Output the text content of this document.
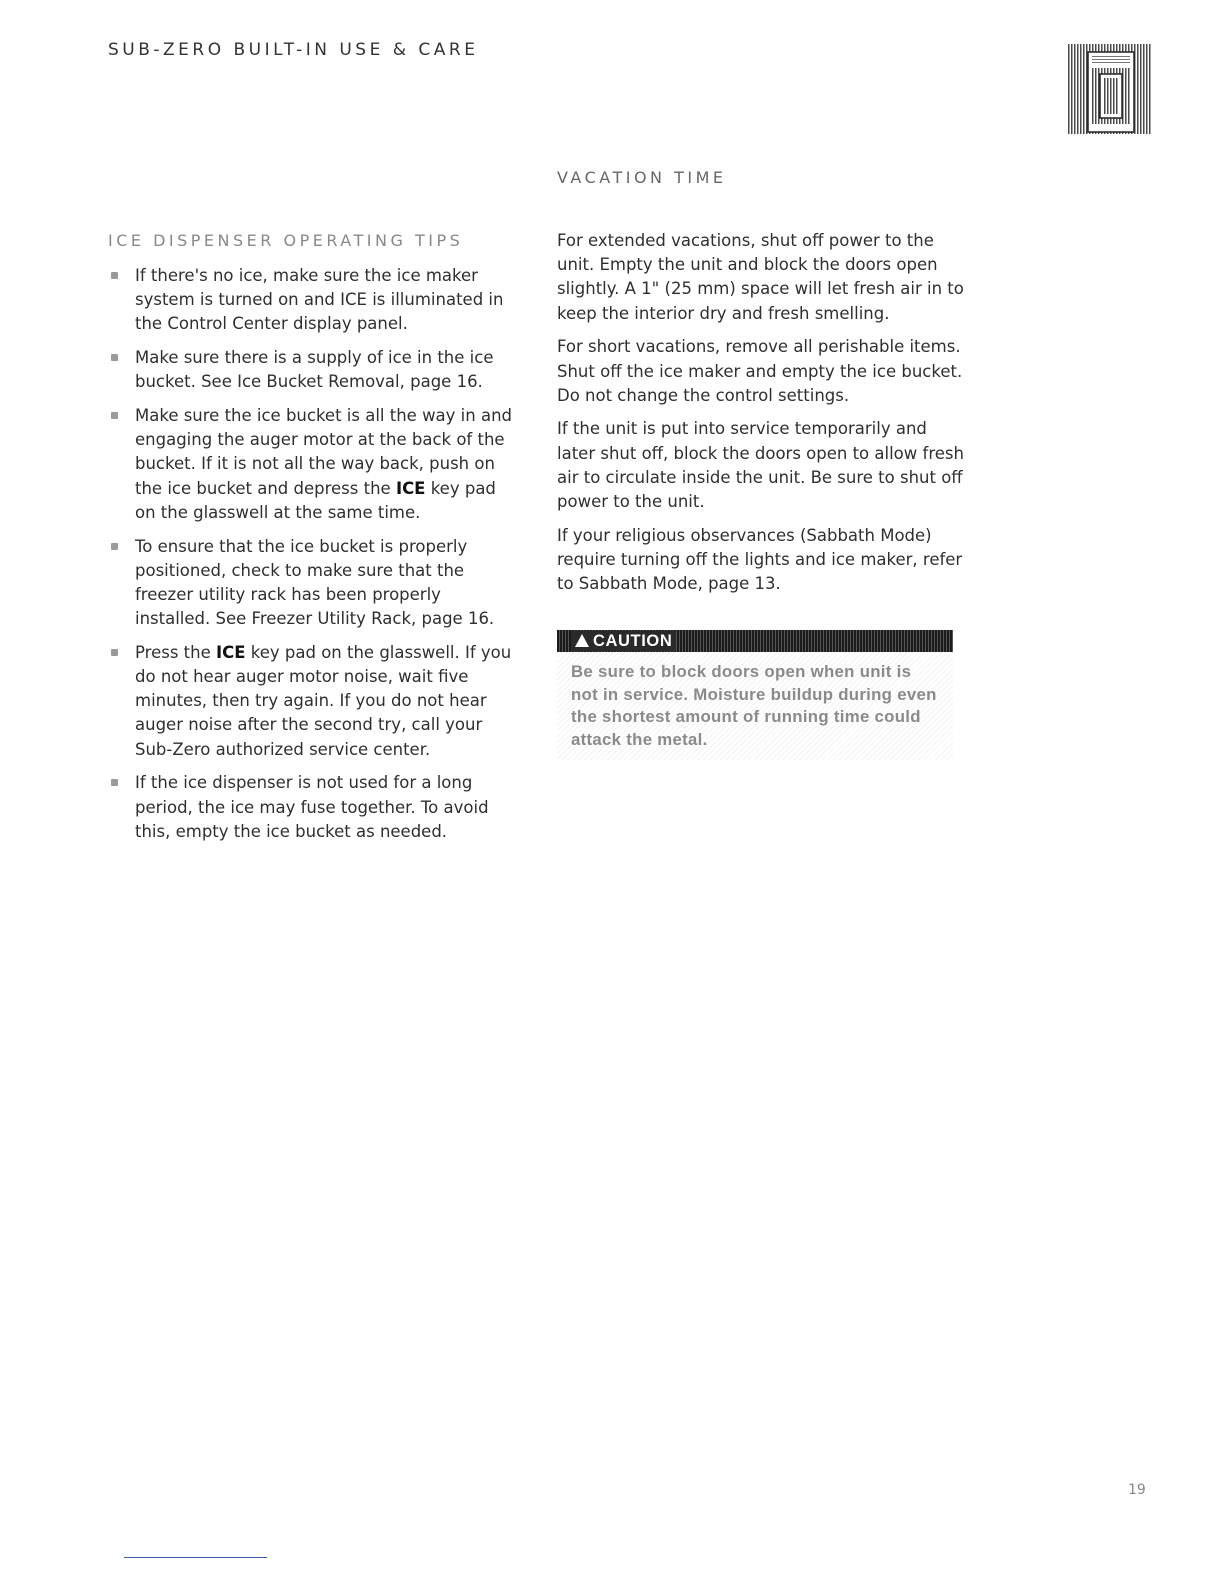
SUB-ZERO BUILT-IN USE & CARE
VACATION TIME
ICE DISPENSER OPERATING TIPS
If there's no ice, make sure the ice maker system is turned on and ICE is illuminated in the Control Center display panel.
Make sure there is a supply of ice in the ice bucket. See Ice Bucket Removal, page 16.
Make sure the ice bucket is all the way in and engaging the auger motor at the back of the bucket. If it is not all the way back, push on the ice bucket and depress the ICE key pad on the glasswell at the same time.
To ensure that the ice bucket is properly positioned, check to make sure that the freezer utility rack has been properly installed. See Freezer Utility Rack, page 16.
Press the ICE key pad on the glasswell. If you do not hear auger motor noise, wait five minutes, then try again. If you do not hear auger noise after the second try, call your Sub-Zero authorized service center.
If the ice dispenser is not used for a long period, the ice may fuse together. To avoid this, empty the ice bucket as needed.

For extended vacations, shut off power to the unit. Empty the unit and block the doors open slightly. A 1" (25 mm) space will let fresh air in to keep the interior dry and fresh smelling.

For short vacations, remove all perishable items. Shut off the ice maker and empty the ice bucket. Do not change the control settings.

If the unit is put into service temporarily and later shut off, block the doors open to allow fresh air to circulate inside the unit. Be sure to shut off power to the unit.

If your religious observances (Sabbath Mode) require turning off the lights and ice maker, refer to Sabbath Mode, page 13.

CAUTION
Be sure to block doors open when unit is not in service. Moisture buildup during even the shortest amount of running time could attack the metal.
19
